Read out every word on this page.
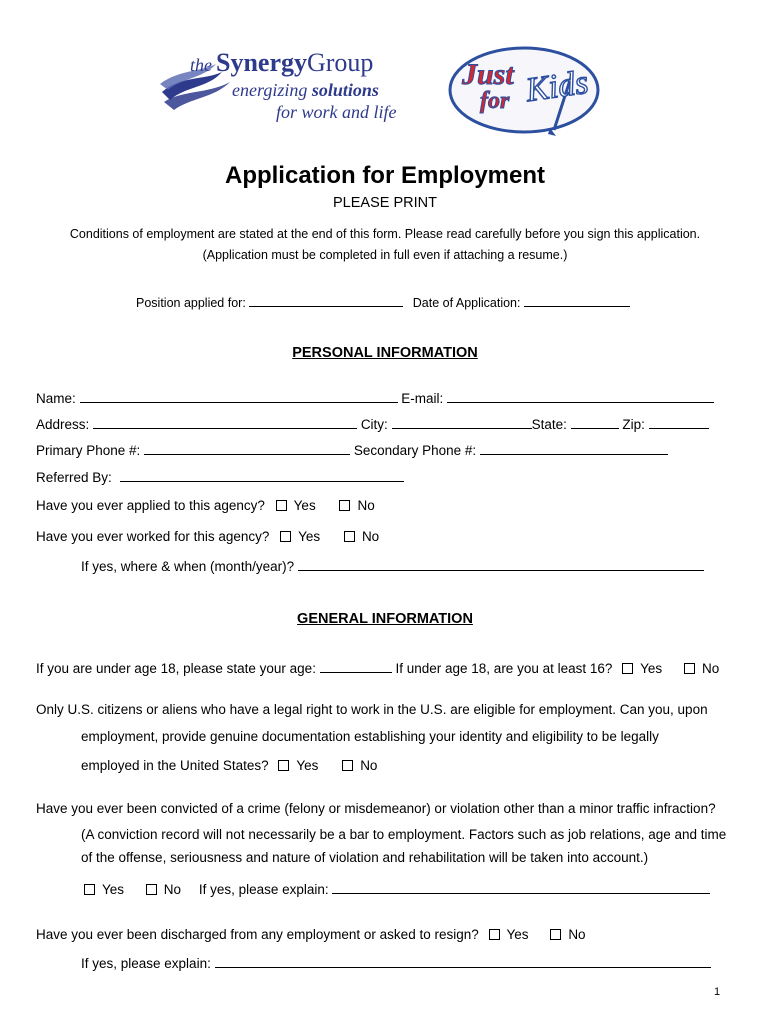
the SynergyGroup
energizing solutions
for work and life
Just
for Kids
Application for Employment
PLEASE PRINT
Conditions of employment are stated at the end of this form. Please read carefully before you sign this application.
(Application must be completed in full even if attaching a resume.)
Position applied for:	Date of Application:
PERSONAL INFORMATION
Name:	E-mail:
Address:	City:	State:	Zip:
Primary Phone #:	Secondary Phone #:
Referred By:
Have you ever applied to this agency? Yes	No
Have you ever worked for this agency? Yes	No
If yes, where & when (month/year)?
GENERAL INFORMATION
If you are under age 18, please state your age:	If under age 18, are you at least 16? Yes	No
Only U.S. citizens or aliens who have a legal right to work in the U.S. are eligible for employment. Can you, upon
employment, provide genuine documentation establishing your identity and eligibility to be legally
employed in the United States? Yes	No
Have you ever been convicted of a crime (felony or misdemeanor) or violation other than a minor traffic infraction?
(A conviction record will not necessarily be a bar to employment. Factors such as job relations, age and time
of the offense, seriousness and nature of violation and rehabilitation will be taken into account.)
Yes	No If yes, please explain:
Have you ever been discharged from any employment or asked to resign? Yes	No
If yes, please explain:
1
